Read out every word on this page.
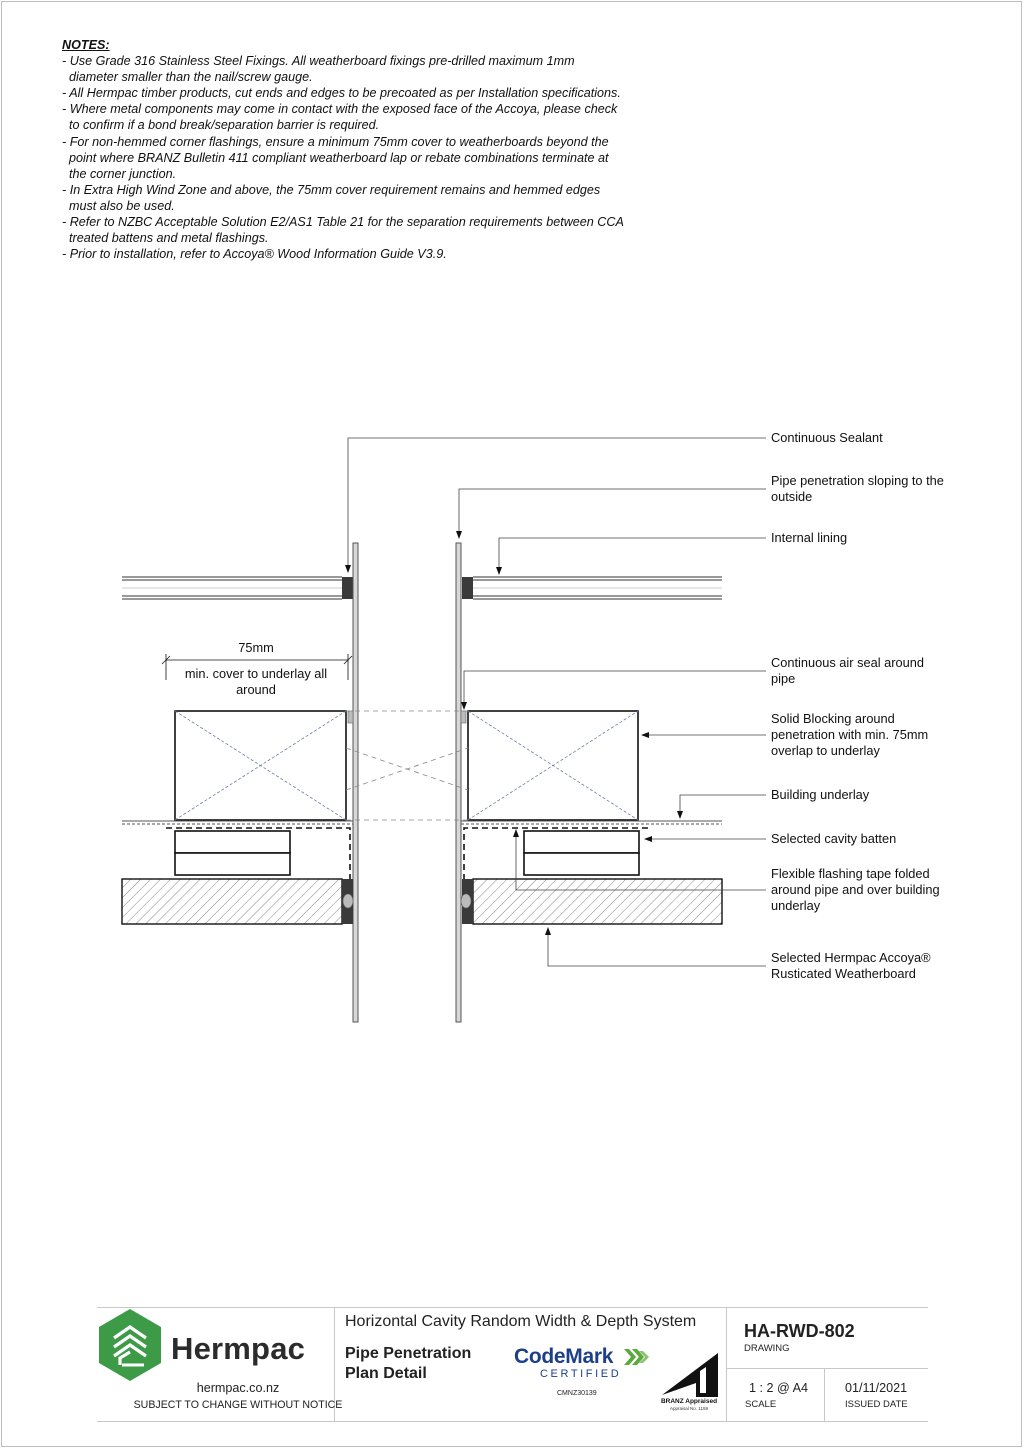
NOTES:
- Use Grade 316 Stainless Steel Fixings. All weatherboard fixings pre-drilled maximum 1mm
diameter smaller than the nail/screw gauge.
- All Hermpac timber products, cut ends and edges to be precoated as per Installation specifications.
- Where metal components may come in contact with the exposed face of the Accoya, please check
to confirm if a bond break/separation barrier is required.
- For non-hemmed corner flashings, ensure a minimum 75mm cover to weatherboards beyond the
point where BRANZ Bulletin 411 compliant weatherboard lap or rebate combinations terminate at
the corner junction.
- In Extra High Wind Zone and above, the 75mm cover requirement remains and hemmed edges
must also be used.
- Refer to NZBC Acceptable Solution E2/AS1 Table 21 for the separation requirements between CCA
treated battens and metal flashings.
- Prior to installation, refer to Accoya® Wood Information Guide V3.9.
Continuous Sealant
Pipe penetration sloping to the
outside
Internal lining
Continuous air seal around
pipe
Solid Blocking around
penetration with min. 75mm
overlap to underlay
Building underlay
Selected cavity batten
Flexible flashing tape folded
around pipe and over building
underlay
Selected Hermpac Accoya®
Rusticated Weatherboard
75mm
min. cover to underlay all
around
Hermpac
hermpac.co.nz
SUBJECT TO CHANGE WITHOUT NOTICE
Horizontal Cavity Random Width & Depth System
Pipe Penetration
Plan Detail
CodeMark
CERTIFIED
CMNZ30139
BRANZ Appraised
Appraisal No. 1159
HA-RWD-802
DRAWING
1 : 2 @ A4
SCALE
01/11/2021
ISSUED DATE
